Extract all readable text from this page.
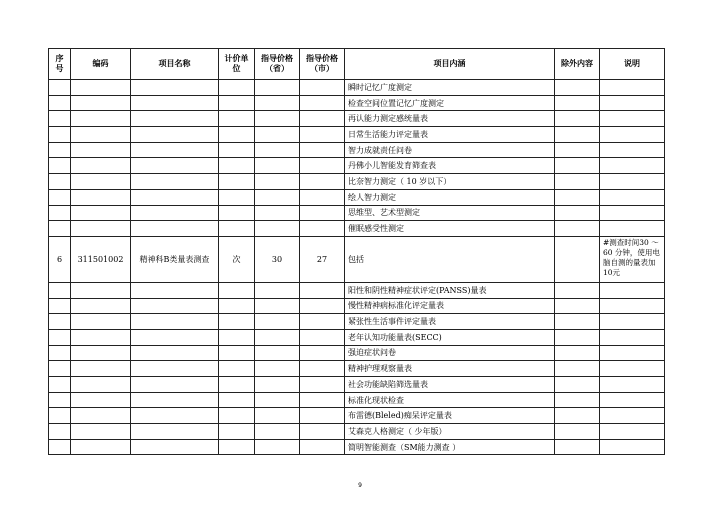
序号	编码	项目名称	计价单位	指导价格（省）	指导价格（市）	项目内涵	除外内容	说明
						瞬时记忆广度测定		
						检查空间位置记忆广度测定		
						再认能力测定感统量表		
						日常生活能力评定量表		
						智力成就责任问卷		
						丹佛小儿智能发育筛查表		
						比奈智力测定（ 10 岁以下）		
						绘人智力测定		
						思维型、艺术型测定		
						催眠感受性测定		
6	311501002	精神科B类量表测查	次	30	27	包括		#测查时间30 ～60 分钟，使用电脑自测的量表加10元
						阳性和阴性精神症状评定(PANSS)量表		
						慢性精神病标准化评定量表		
						紧张性生活事件评定量表		
						老年认知功能量表(SECC)		
						强迫症状问卷		
						精神护理观察量表		
						社会功能缺陷筛选量表		
						标准化现状检查		
						布雷德(Bleled)痴呆评定量表		
						艾森克人格测定（ 少年版）		
						简明智能测查（SM能力测查 ）		
9
